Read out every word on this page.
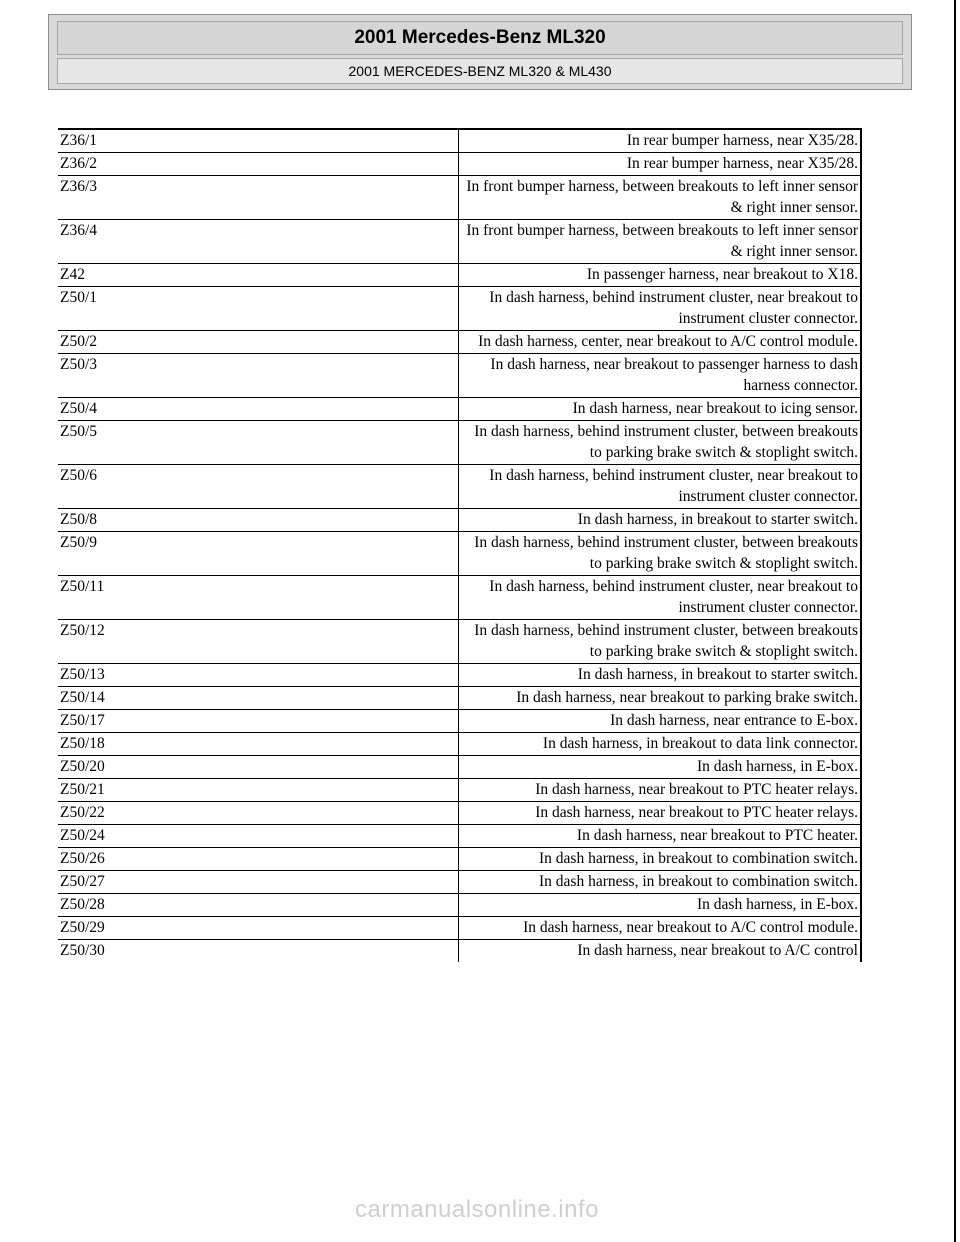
2001 Mercedes-Benz ML320
2001 MERCEDES-BENZ ML320 & ML430
Z36/1	In rear bumper harness, near X35/28.
Z36/2	In rear bumper harness, near X35/28.
Z36/3	In front bumper harness, between breakouts to left inner sensor & right inner sensor.
Z36/4	In front bumper harness, between breakouts to left inner sensor & right inner sensor.
Z42	In passenger harness, near breakout to X18.
Z50/1	In dash harness, behind instrument cluster, near breakout to instrument cluster connector.
Z50/2	In dash harness, center, near breakout to A/C control module.
Z50/3	In dash harness, near breakout to passenger harness to dash harness connector.
Z50/4	In dash harness, near breakout to icing sensor.
Z50/5	In dash harness, behind instrument cluster, between breakouts to parking brake switch & stoplight switch.
Z50/6	In dash harness, behind instrument cluster, near breakout to instrument cluster connector.
Z50/8	In dash harness, in breakout to starter switch.
Z50/9	In dash harness, behind instrument cluster, between breakouts to parking brake switch & stoplight switch.
Z50/11	In dash harness, behind instrument cluster, near breakout to instrument cluster connector.
Z50/12	In dash harness, behind instrument cluster, between breakouts to parking brake switch & stoplight switch.
Z50/13	In dash harness, in breakout to starter switch.
Z50/14	In dash harness, near breakout to parking brake switch.
Z50/17	In dash harness, near entrance to E-box.
Z50/18	In dash harness, in breakout to data link connector.
Z50/20	In dash harness, in E-box.
Z50/21	In dash harness, near breakout to PTC heater relays.
Z50/22	In dash harness, near breakout to PTC heater relays.
Z50/24	In dash harness, near breakout to PTC heater.
Z50/26	In dash harness, in breakout to combination switch.
Z50/27	In dash harness, in breakout to combination switch.
Z50/28	In dash harness, in E-box.
Z50/29	In dash harness, near breakout to A/C control module.
Z50/30	In dash harness, near breakout to A/C control
carmanualsonline.info
